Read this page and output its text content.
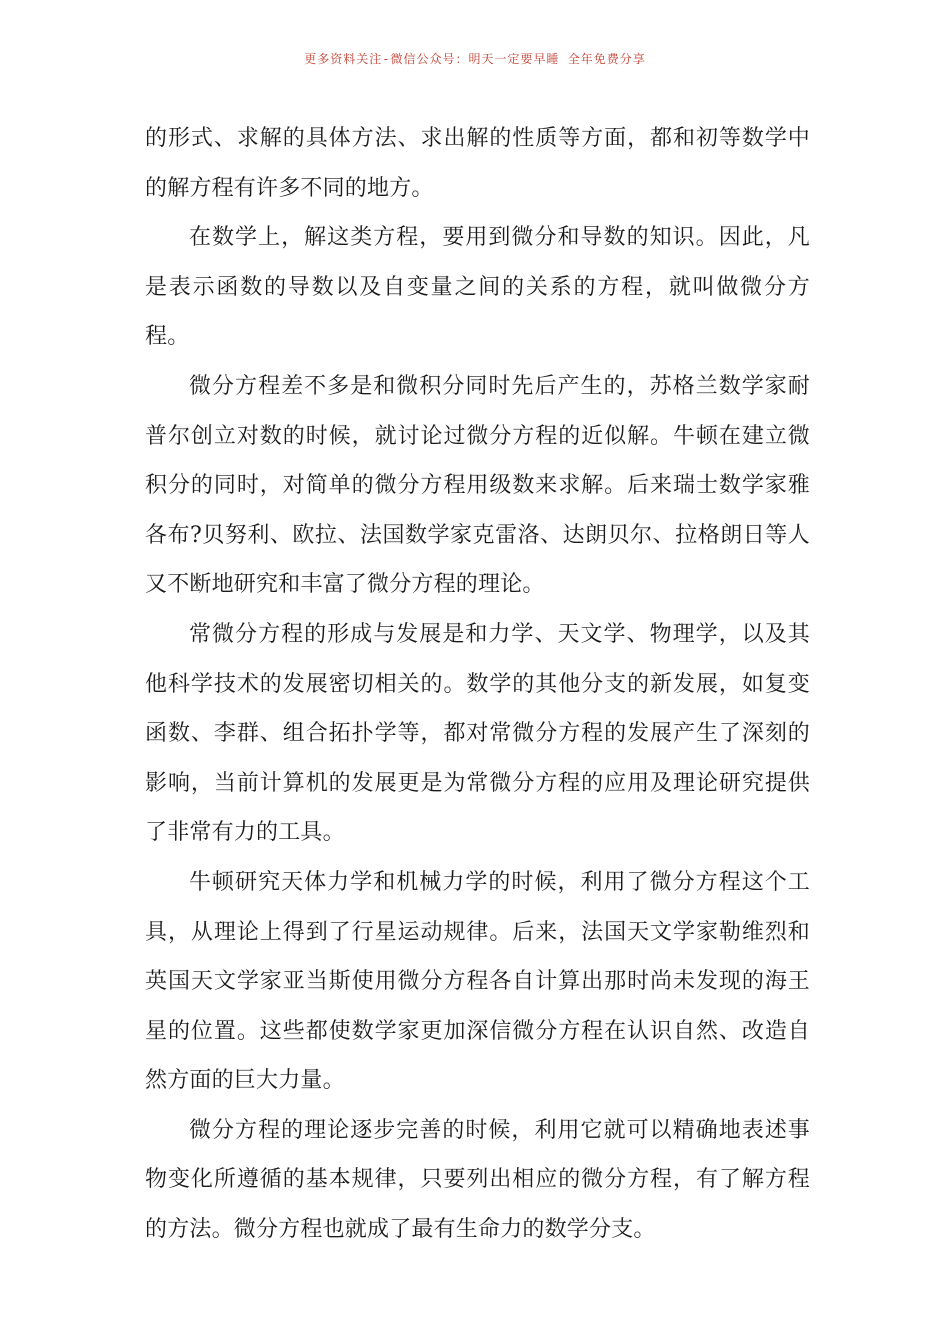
更多资料关注-微信公众号：明天一定要早睡 全年免费分享

的形式、求解的具体方法、求出解的性质等方面，都和初等数学中的解方程有许多不同的地方。

在数学上，解这类方程，要用到微分和导数的知识。因此，凡是表示函数的导数以及自变量之间的关系的方程，就叫做微分方程。

微分方程差不多是和微积分同时先后产生的，苏格兰数学家耐普尔创立对数的时候，就讨论过微分方程的近似解。牛顿在建立微积分的同时，对简单的微分方程用级数来求解。后来瑞士数学家雅各布?贝努利、欧拉、法国数学家克雷洛、达朗贝尔、拉格朗日等人又不断地研究和丰富了微分方程的理论。

常微分方程的形成与发展是和力学、天文学、物理学，以及其他科学技术的发展密切相关的。数学的其他分支的新发展，如复变函数、李群、组合拓扑学等，都对常微分方程的发展产生了深刻的影响，当前计算机的发展更是为常微分方程的应用及理论研究提供了非常有力的工具。

牛顿研究天体力学和机械力学的时候，利用了微分方程这个工具，从理论上得到了行星运动规律。后来，法国天文学家勒维烈和英国天文学家亚当斯使用微分方程各自计算出那时尚未发现的海王星的位置。这些都使数学家更加深信微分方程在认识自然、改造自然方面的巨大力量。

微分方程的理论逐步完善的时候，利用它就可以精确地表述事物变化所遵循的基本规律，只要列出相应的微分方程，有了解方程的方法。微分方程也就成了最有生命力的数学分支。
